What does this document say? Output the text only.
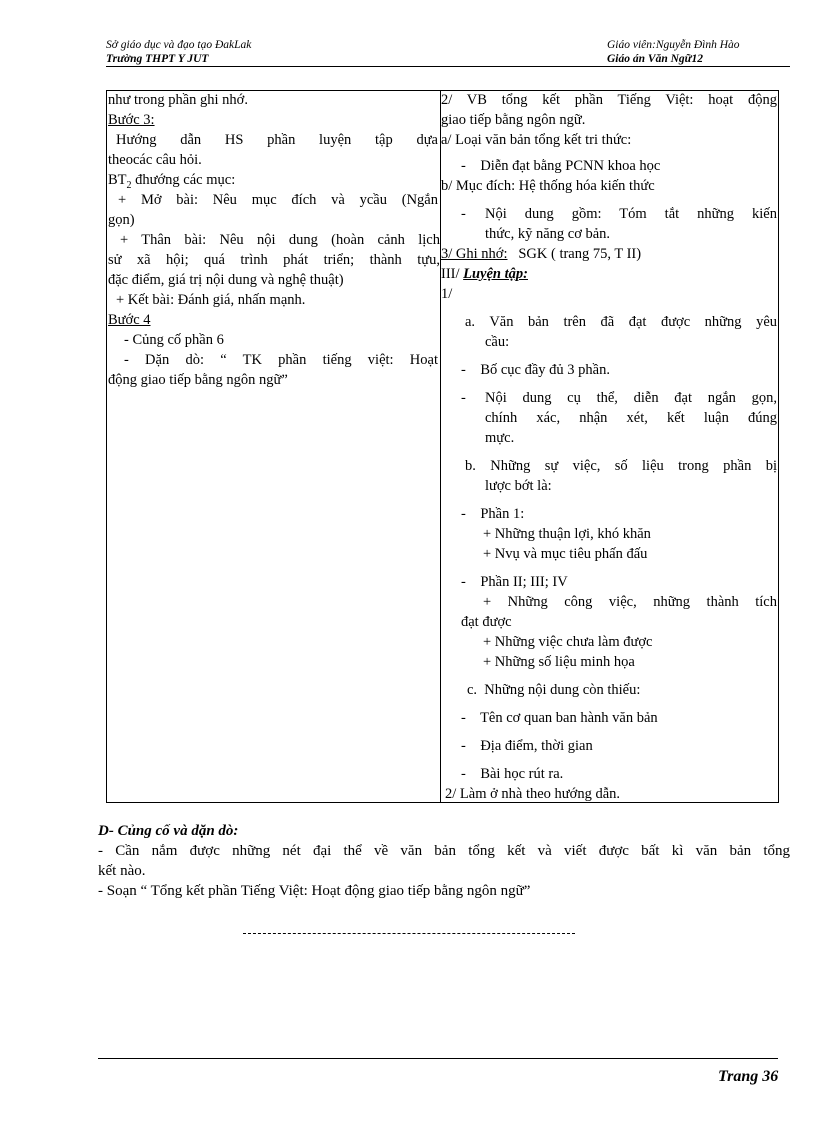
Sở giáo dục và đạo tạo ĐakLak
Trường THPT Y JUT
Giáo viên:Nguyễn Đình Hào
Giáo án Văn Ngữ12
như trong phần ghi nhớ.
Bước 3:
Hướng dẫn HS phần luyện tập dựa
theocác câu hỏi.
$BT_2$ đhướng các mục:
+ Mở bài: Nêu mục đích và ycầu (Ngắn
gọn)
+ Thân bài: Nêu nội dung (hoàn cảnh lịch
sử xã hội; quá trình phát triển; thành tựu,
đặc điểm, giá trị nội dung và nghệ thuật)
+ Kết bài: Đánh giá, nhấn mạnh.
Bước 4
- Củng cố phần 6
- Dặn dò: “ TK phần tiếng việt: Hoạt
động giao tiếp bằng ngôn ngữ”
2/ VB tổng kết phần Tiếng Việt: hoạt động
giao tiếp bằng ngôn ngữ.
a/ Loại văn bản tổng kết tri thức:
-    Diễn đạt bằng PCNN khoa học
b/ Mục đích: Hệ thống hóa kiến thức
- Nội dung gồm: Tóm tắt những kiến
thức, kỹ năng cơ bản.
3/ Ghi nhớ:   SGK ( trang 75, T II)
III/ Luyện tập:
1/
a. Văn bản trên đã đạt được những yêu
cầu:
-    Bố cục đầy đủ 3 phần.
- Nội dung cụ thể, diễn đạt ngắn gọn,
chính xác, nhận xét, kết luận đúng
mực.
b. Những sự việc, số liệu trong phần bị
lược bớt là:
-    Phần 1:
+ Những thuận lợi, khó khăn
+ Nvụ và mục tiêu phấn đấu
-    Phần II; III; IV
+ Những công việc, những thành tích
đạt được
+ Những việc chưa làm được
+ Những số liệu minh họa
c.  Những nội dung còn thiếu:
-    Tên cơ quan ban hành văn bản
-    Địa điểm, thời gian
-    Bài học rút ra.
2/ Làm ở nhà theo hướng dẫn.
D- Củng cố và dặn dò:
- Cần nắm được những nét đại thể về văn bản tổng kết và viết được bất kì văn bản tổng
kết nào.
- Soạn “ Tổng kết phần Tiếng Việt: Hoạt động giao tiếp bằng ngôn ngữ”
Trang 36
